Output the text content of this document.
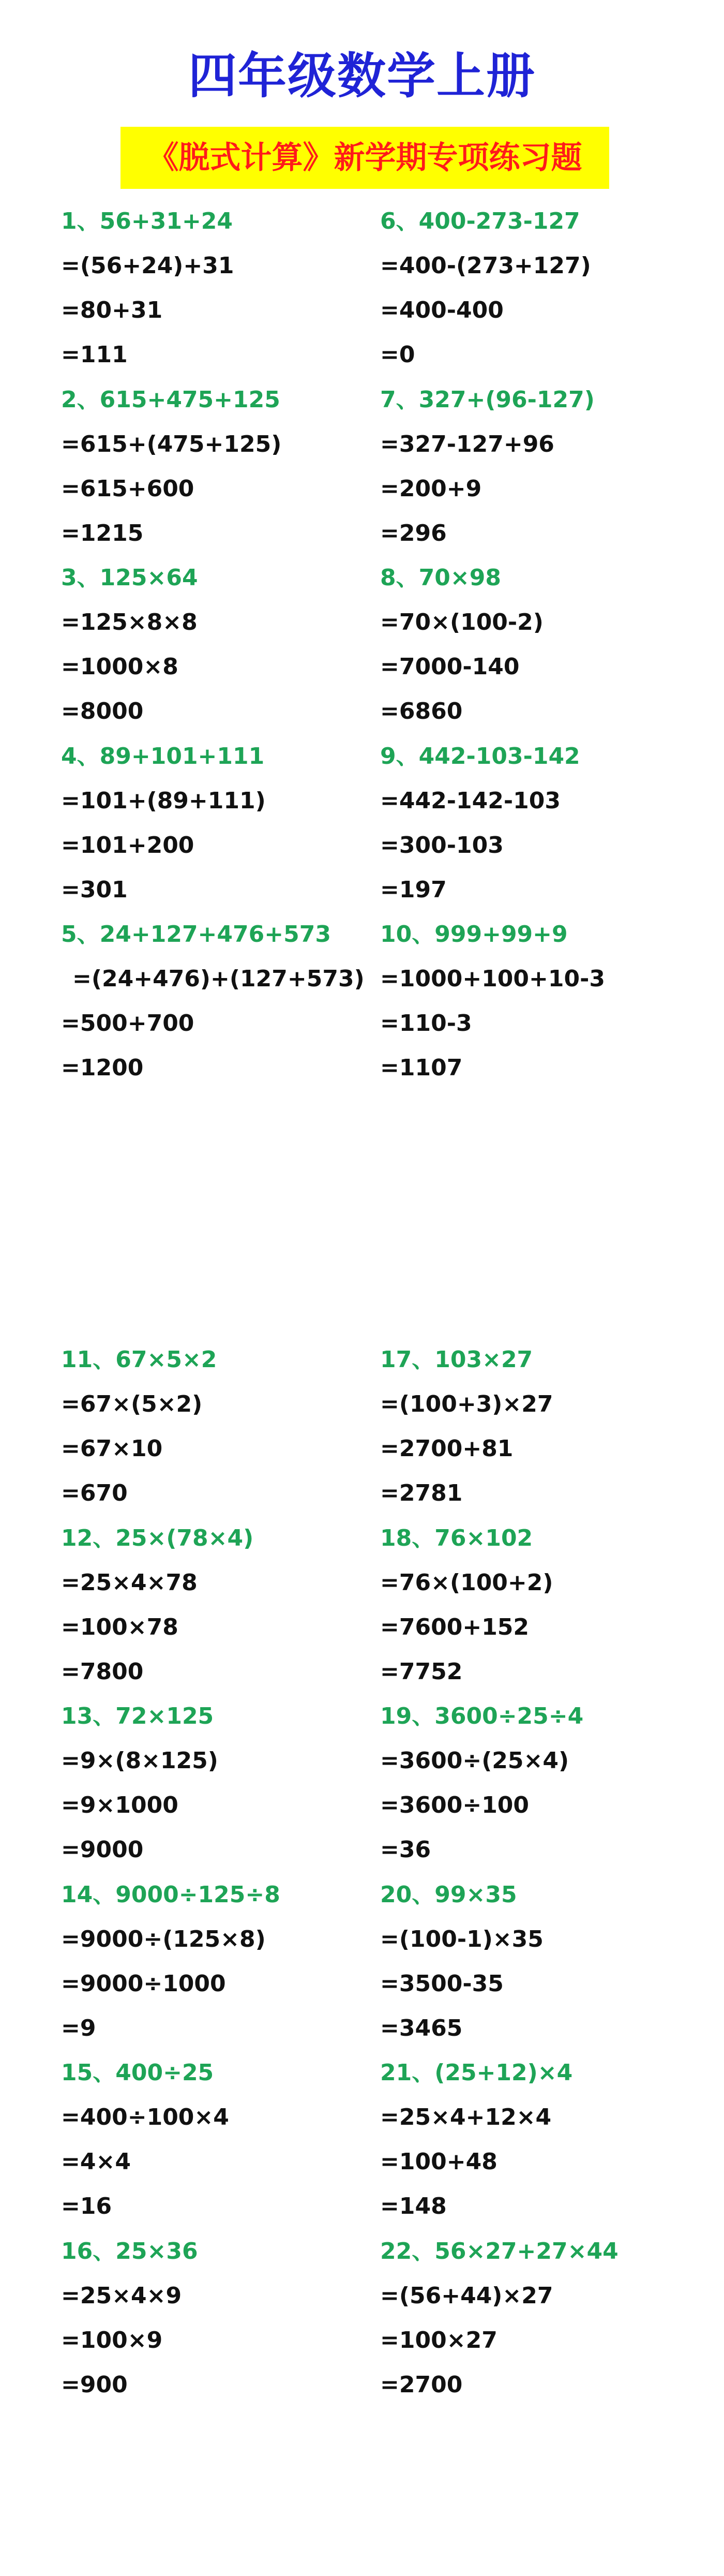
四年级数学上册
《脱式计算》新学期专项练习题
1、56+31+24
=(56+24)+31
=80+31
=111
2、615+475+125
=615+(475+125)
=615+600
=1215
3、125×64
=125×8×8
=1000×8
=8000
4、89+101+111
=101+(89+111)
=101+200
=301
5、24+127+476+573
=(24+476)+(127+573)
=500+700
=1200
6、400-273-127
=400-(273+127)
=400-400
=0
7、327+(96-127)
=327-127+96
=200+9
=296
8、70×98
=70×(100-2)
=7000-140
=6860
9、442-103-142
=442-142-103
=300-103
=197
10、999+99+9
=1000+100+10-3
=110-3
=1107
11、67×5×2
=67×(5×2)
=67×10
=670
12、25×(78×4)
=25×4×78
=100×78
=7800
13、72×125
=9×(8×125)
=9×1000
=9000
14、9000÷125÷8
=9000÷(125×8)
=9000÷1000
=9
15、400÷25
=400÷100×4
=4×4
=16
16、25×36
=25×4×9
=100×9
=900
17、103×27
=(100+3)×27
=2700+81
=2781
18、76×102
=76×(100+2)
=7600+152
=7752
19、3600÷25÷4
=3600÷(25×4)
=3600÷100
=36
20、99×35
=(100-1)×35
=3500-35
=3465
21、(25+12)×4
=25×4+12×4
=100+48
=148
22、56×27+27×44
=(56+44)×27
=100×27
=2700
